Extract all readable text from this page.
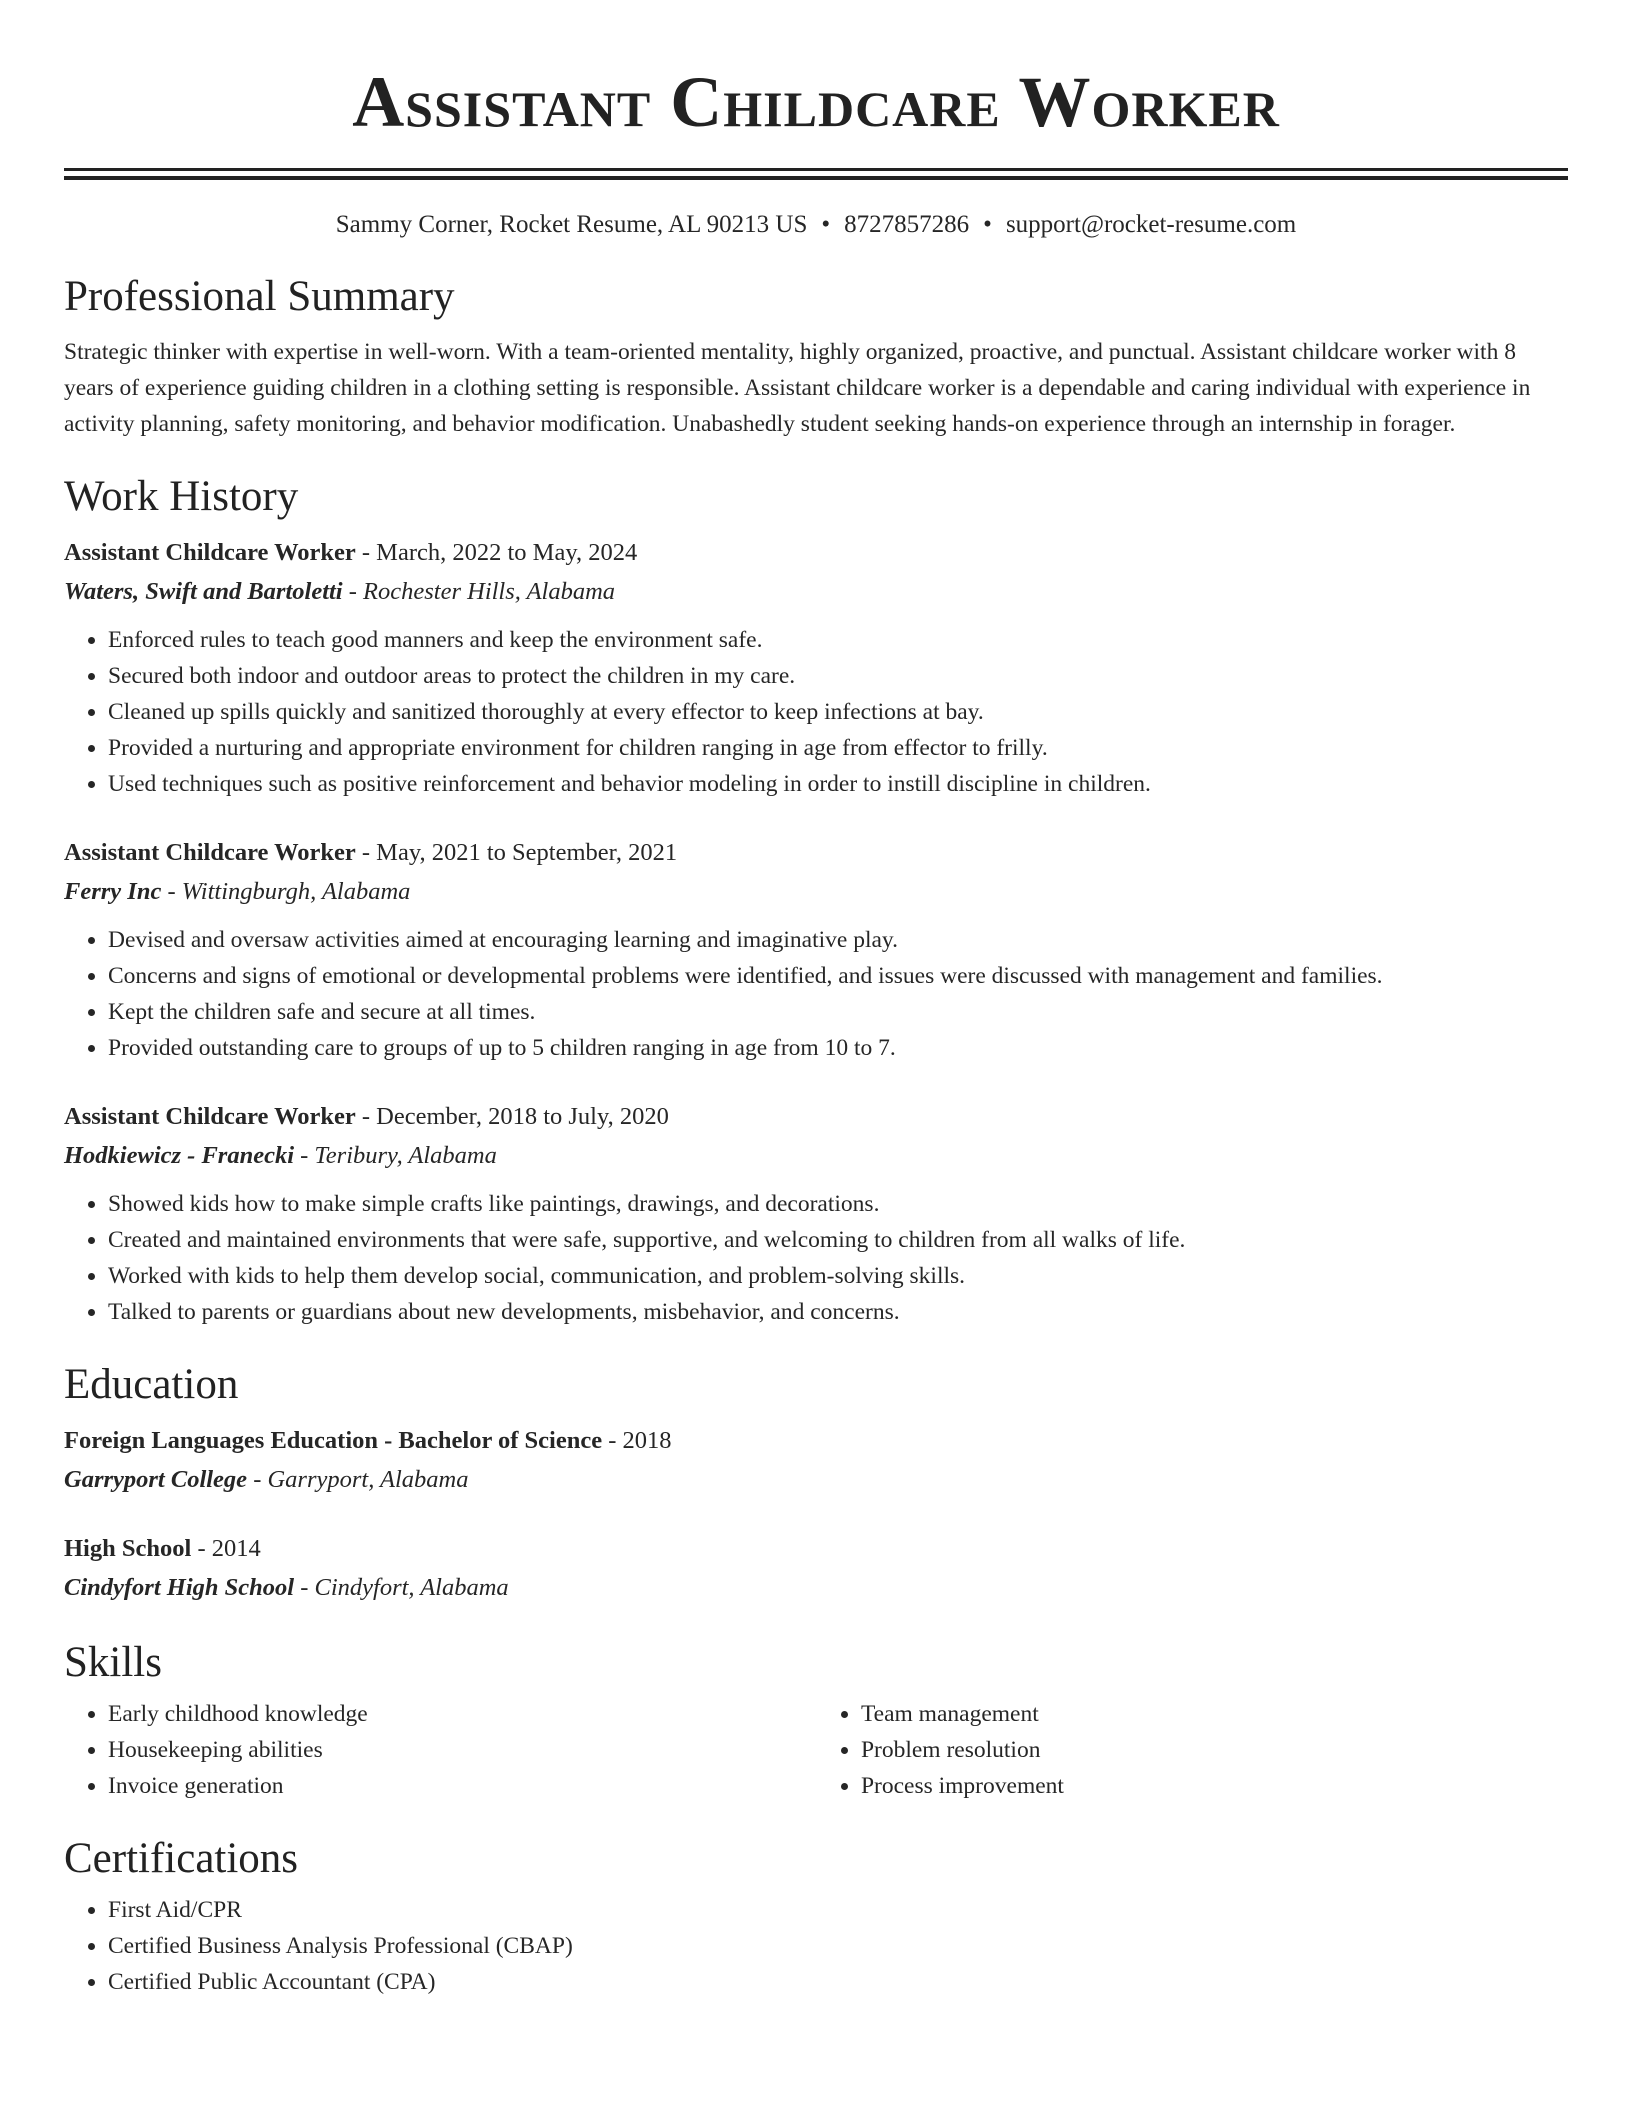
Assistant Childcare Worker
Sammy Corner, Rocket Resume, AL 90213 US • 8727857286 • support@rocket-resume.com
Professional Summary
Strategic thinker with expertise in well-worn. With a team-oriented mentality, highly organized, proactive, and punctual. Assistant childcare worker with 8 years of experience guiding children in a clothing setting is responsible. Assistant childcare worker is a dependable and caring individual with experience in activity planning, safety monitoring, and behavior modification. Unabashedly student seeking hands-on experience through an internship in forager.
Work History
Assistant Childcare Worker - March, 2022 to May, 2024
Waters, Swift and Bartoletti - Rochester Hills, Alabama
• Enforced rules to teach good manners and keep the environment safe.
• Secured both indoor and outdoor areas to protect the children in my care.
• Cleaned up spills quickly and sanitized thoroughly at every effector to keep infections at bay.
• Provided a nurturing and appropriate environment for children ranging in age from effector to frilly.
• Used techniques such as positive reinforcement and behavior modeling in order to instill discipline in children.
Assistant Childcare Worker - May, 2021 to September, 2021
Ferry Inc - Wittingburgh, Alabama
• Devised and oversaw activities aimed at encouraging learning and imaginative play.
• Concerns and signs of emotional or developmental problems were identified, and issues were discussed with management and families.
• Kept the children safe and secure at all times.
• Provided outstanding care to groups of up to 5 children ranging in age from 10 to 7.
Assistant Childcare Worker - December, 2018 to July, 2020
Hodkiewicz - Franecki - Teribury, Alabama
• Showed kids how to make simple crafts like paintings, drawings, and decorations.
• Created and maintained environments that were safe, supportive, and welcoming to children from all walks of life.
• Worked with kids to help them develop social, communication, and problem-solving skills.
• Talked to parents or guardians about new developments, misbehavior, and concerns.
Education
Foreign Languages Education - Bachelor of Science - 2018
Garryport College - Garryport, Alabama
High School - 2014
Cindyfort High School - Cindyfort, Alabama
Skills
• Early childhood knowledge
• Housekeeping abilities
• Invoice generation
• Team management
• Problem resolution
• Process improvement
Certifications
• First Aid/CPR
• Certified Business Analysis Professional (CBAP)
• Certified Public Accountant (CPA)
